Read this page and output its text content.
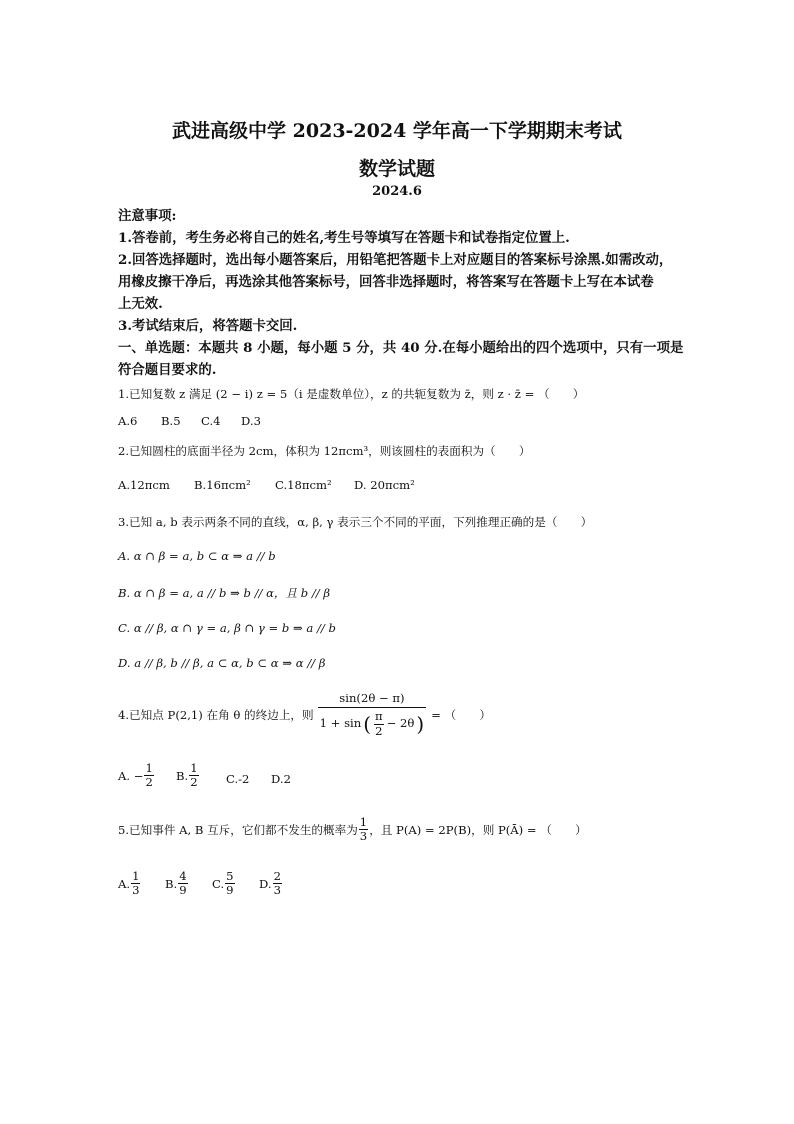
武进高级中学 2023-2024 学年高一下学期期末考试
数学试题
2024.6
注意事项:
1.答卷前，考生务必将自己的姓名,考生号等填写在答题卡和试卷指定位置上.
2.回答选择题时，选出每小题答案后，用铅笔把答题卡上对应题目的答案标号涂黑.如需改动，
用橡皮擦干净后，再选涂其他答案标号，回答非选择题时，将答案写在答题卡上写在本试卷
上无效.
3.考试结束后，将答题卡交回.
一、单选题：本题共 8 小题，每小题 5 分，共 40 分.在每小题给出的四个选项中，只有一项是
符合题目要求的.
1.已知复数 z 满足 (2 − i) z = 5（i 是虚数单位），z 的共轭复数为 z̄，则 z · z̄ = （　　）
A.6 B.5 C.4 D.3
2.已知圆柱的底面半径为 2cm，体积为 12πcm³，则该圆柱的表面积为（　　）
A.12πcm B.16πcm² C.18πcm² D. 20πcm²
3.已知 a, b 表示两条不同的直线，α, β, γ 表示三个不同的平面，下列推理正确的是（　　）
A. α ∩ β = a, b ⊂ α ⇒ a // b
B. α ∩ β = a, a // b ⇒ b // α，且 b // β
C. α // β, α ∩ γ = a, β ∩ γ = b ⇒ a // b
D. a // β, b // β, a ⊂ α, b ⊂ α ⇒ α // β
4.已知点 P(2,1) 在角 θ 的终边上，则
sin(2θ − π)
1 + sin ( $\frac{\pi}{2} - 2\theta$ ) = （　　）
A. − $\frac{1}{2} B$. $\frac{1}{2} C.-2$ D.2
5.已知事件 A, B 互斥，它们都不发生的概率为 $\frac{1}{3}$ ，且 P(A) = 2P(B)，则 P(Ā) = （　　）
A. $\frac{1}{3} B$. $\frac{4}{9} C$. $\frac{5}{9} D$. $\frac{2}{3}$
